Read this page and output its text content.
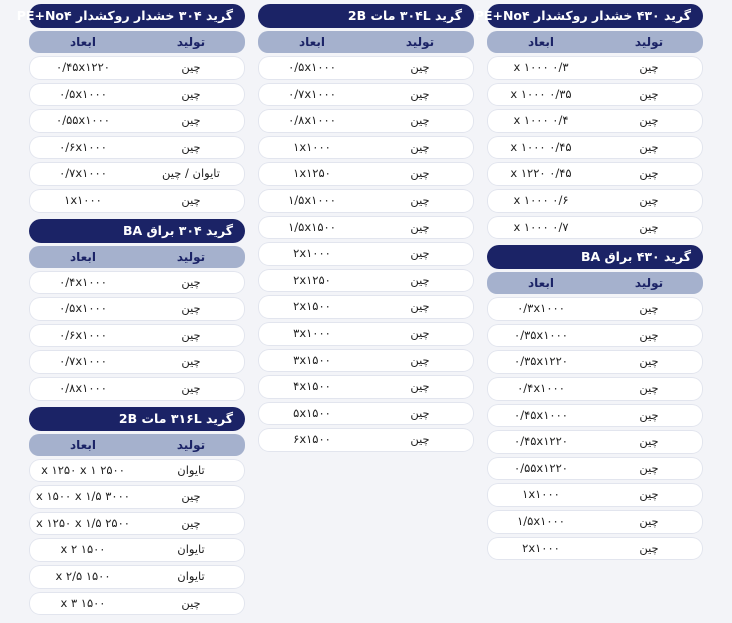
گرید ۳۰۴ خشدار روکشدار PE+No۴
تولید
ابعاد
چین
۰/۴۵x۱۲۲۰
چین
۰/۵x۱۰۰۰
چین
۰/۵۵x۱۰۰۰
چین
۰/۶x۱۰۰۰
تایوان / چین
۰/۷x۱۰۰۰
چین
۱x۱۰۰۰
گرید ۳۰۴ براق BA
تولید
ابعاد
چین
۰/۴x۱۰۰۰
چین
۰/۵x۱۰۰۰
چین
۰/۶x۱۰۰۰
چین
۰/۷x۱۰۰۰
چین
۰/۸x۱۰۰۰
گرید ۳۱۶L مات 2B
تولید
ابعاد
تایوان
۲۵۰۰ x ۱۲۵۰ x ۱
چین
۳۰۰۰ x ۱۵۰۰ x ۱/۵
چین
۲۵۰۰ x ۱۲۵۰ x ۱/۵
تایوان
۱۵۰۰ x ۲
تایوان
۱۵۰۰ x ۲/۵
چین
۱۵۰۰ x ۳
گرید ۳۰۴L مات 2B
تولید
ابعاد
چین
۰/۵x۱۰۰۰
چین
۰/۷x۱۰۰۰
چین
۰/۸x۱۰۰۰
چین
۱x۱۰۰۰
چین
۱x۱۲۵۰
چین
۱/۵x۱۰۰۰
چین
۱/۵x۱۵۰۰
چین
۲x۱۰۰۰
چین
۲x۱۲۵۰
چین
۲x۱۵۰۰
چین
۳x۱۰۰۰
چین
۳x۱۵۰۰
چین
۴x۱۵۰۰
چین
۵x۱۵۰۰
چین
۶x۱۵۰۰
گرید ۴۳۰ خشدار روکشدار PE+No۴
تولید
ابعاد
چین
۰/۳ x ۱۰۰۰
چین
۰/۳۵ x ۱۰۰۰
چین
۰/۴ x ۱۰۰۰
چین
۰/۴۵ x ۱۰۰۰
چین
۰/۴۵ x ۱۲۲۰
چین
۰/۶ x ۱۰۰۰
چین
۰/۷ x ۱۰۰۰
گرید ۴۳۰ براق BA
تولید
ابعاد
چین
۰/۳x۱۰۰۰
چین
۰/۳۵x۱۰۰۰
چین
۰/۳۵x۱۲۲۰
چین
۰/۴x۱۰۰۰
چین
۰/۴۵x۱۰۰۰
چین
۰/۴۵x۱۲۲۰
چین
۰/۵۵x۱۲۲۰
چین
۱x۱۰۰۰
چین
۱/۵x۱۰۰۰
چین
۲x۱۰۰۰
